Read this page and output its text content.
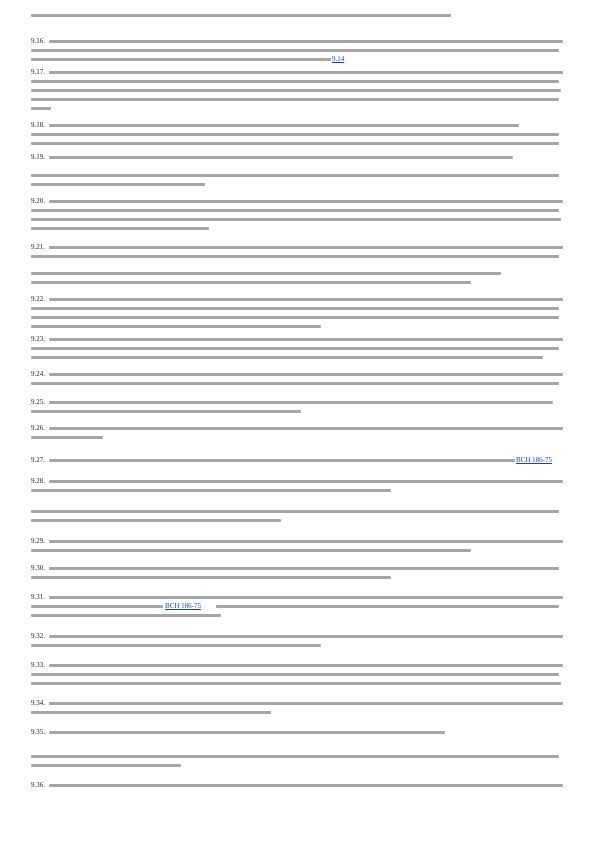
9.16.
9.14
9.17.
9.18.
9.19.
9.20.
9.21.
9.22.
9.23.
9.24.
9.25.
9.26.
9.27.	ВСН 186-75
9.28.
9.29.
9.30.
9.31.
ВСН 186-75
9.32.
9.33.
9.34.
9.35.
9.36.
